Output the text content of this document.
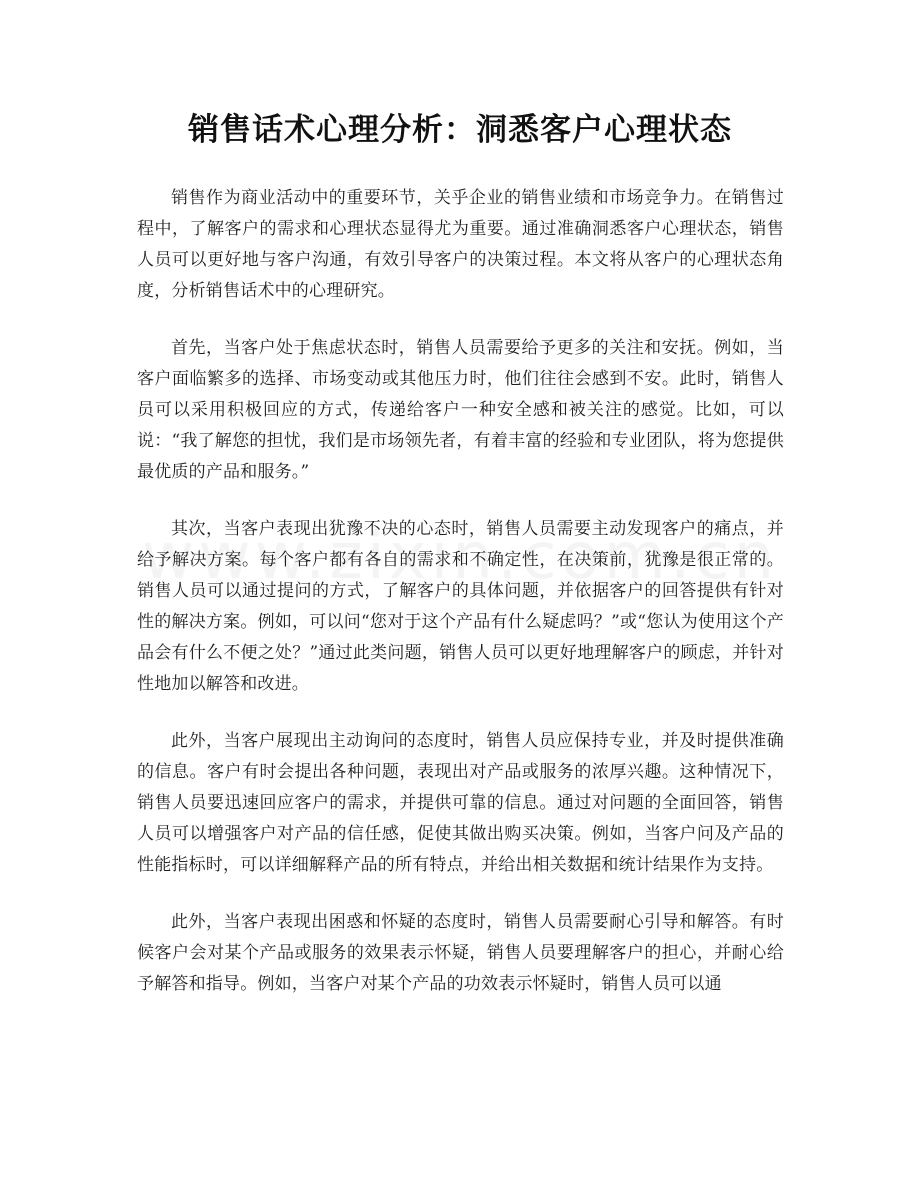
销售话术心理分析：洞悉客户心理状态

销售作为商业活动中的重要环节，关乎企业的销售业绩和市场竞争力。在销售过程中，了解客户的需求和心理状态显得尤为重要。通过准确洞悉客户心理状态，销售人员可以更好地与客户沟通，有效引导客户的决策过程。本文将从客户的心理状态角度，分析销售话术中的心理研究。

首先，当客户处于焦虑状态时，销售人员需要给予更多的关注和安抚。例如，当客户面临繁多的选择、市场变动或其他压力时，他们往往会感到不安。此时，销售人员可以采用积极回应的方式，传递给客户一种安全感和被关注的感觉。比如，可以说：“我了解您的担忧，我们是市场领先者，有着丰富的经验和专业团队，将为您提供最优质的产品和服务。”

其次，当客户表现出犹豫不决的心态时，销售人员需要主动发现客户的痛点，并给予解决方案。每个客户都有各自的需求和不确定性，在决策前，犹豫是很正常的。销售人员可以通过提问的方式，了解客户的具体问题，并依据客户的回答提供有针对性的解决方案。例如，可以问“您对于这个产品有什么疑虑吗？”或“您认为使用这个产品会有什么不便之处？”通过此类问题，销售人员可以更好地理解客户的顾虑，并针对性地加以解答和改进。

此外，当客户展现出主动询问的态度时，销售人员应保持专业，并及时提供准确的信息。客户有时会提出各种问题，表现出对产品或服务的浓厚兴趣。这种情况下，销售人员要迅速回应客户的需求，并提供可靠的信息。通过对问题的全面回答，销售人员可以增强客户对产品的信任感，促使其做出购买决策。例如，当客户问及产品的性能指标时，可以详细解释产品的所有特点，并给出相关数据和统计结果作为支持。

此外，当客户表现出困惑和怀疑的态度时，销售人员需要耐心引导和解答。有时候客户会对某个产品或服务的效果表示怀疑，销售人员要理解客户的担心，并耐心给予解答和指导。例如，当客户对某个产品的功效表示怀疑时，销售人员可以通
